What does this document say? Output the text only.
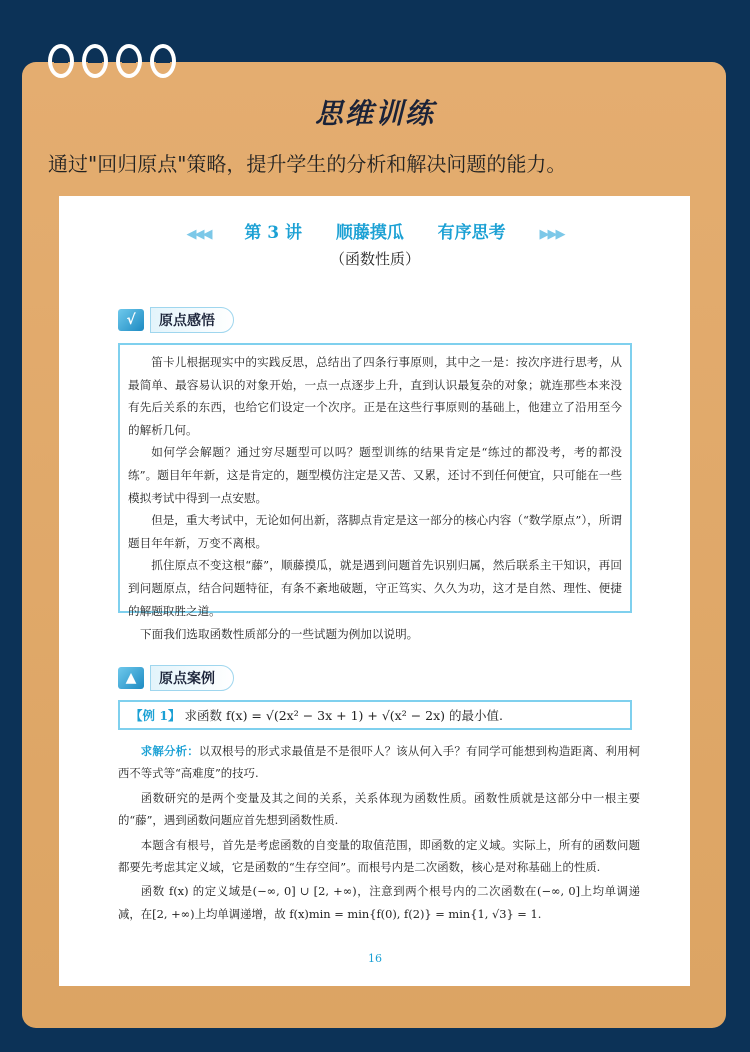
思维训练
通过"回归原点"策略，提升学生的分析和解决问题的能力。
◀◀◀ 第 3 讲 顺藤摸瓜 有序思考	▶▶▶
（函数性质）
√	原点感悟

笛卡儿根据现实中的实践反思，总结出了四条行事原则，其中之一是：按次序进行思考，从最简单、最容易认识的对象开始，一点一点逐步上升，直到认识最复杂的对象；就连那些本来没有先后关系的东西，也给它们设定一个次序。正是在这些行事原则的基础上，他建立了沿用至今的解析几何。

如何学会解题？通过穷尽题型可以吗？题型训练的结果肯定是“练过的都没考，考的都没练”。题目年年新，这是肯定的，题型模仿注定是又苦、又累，还讨不到任何便宜，只可能在一些模拟考试中得到一点安慰。

但是，重大考试中，无论如何出新，落脚点肯定是这一部分的核心内容（“数学原点”），所谓题目年年新，万变不离根。

抓住原点不变这根“藤”，顺藤摸瓜，就是遇到问题首先识别归属，然后联系主干知识，再回到问题原点，结合问题特征，有条不紊地破题，守正笃实、久久为功，这才是自然、理性、便捷的解题取胜之道。

下面我们选取函数性质部分的一些试题为例加以说明。
▲	原点案例
【例 1】 求函数 f(x) = √(2x² − 3x + 1) + √(x² − 2x) 的最小值.

求解分析：以双根号的形式求最值是不是很吓人？该从何入手？有同学可能想到构造距离、利用柯西不等式等“高难度”的技巧.

函数研究的是两个变量及其之间的关系，关系体现为函数性质。函数性质就是这部分中一根主要的“藤”，遇到函数问题应首先想到函数性质.

本题含有根号，首先是考虑函数的自变量的取值范围，即函数的定义域。实际上，所有的函数问题都要先考虑其定义域，它是函数的“生存空间”。而根号内是二次函数，核心是对称基础上的性质.

函数 f(x) 的定义域是(−∞, 0] ∪ [2, +∞)，注意到两个根号内的二次函数在(−∞, 0]上均单调递减，在[2, +∞)上均单调递增，故 f(x)min = min{f(0), f(2)} = min{1, √3} = 1.

16
